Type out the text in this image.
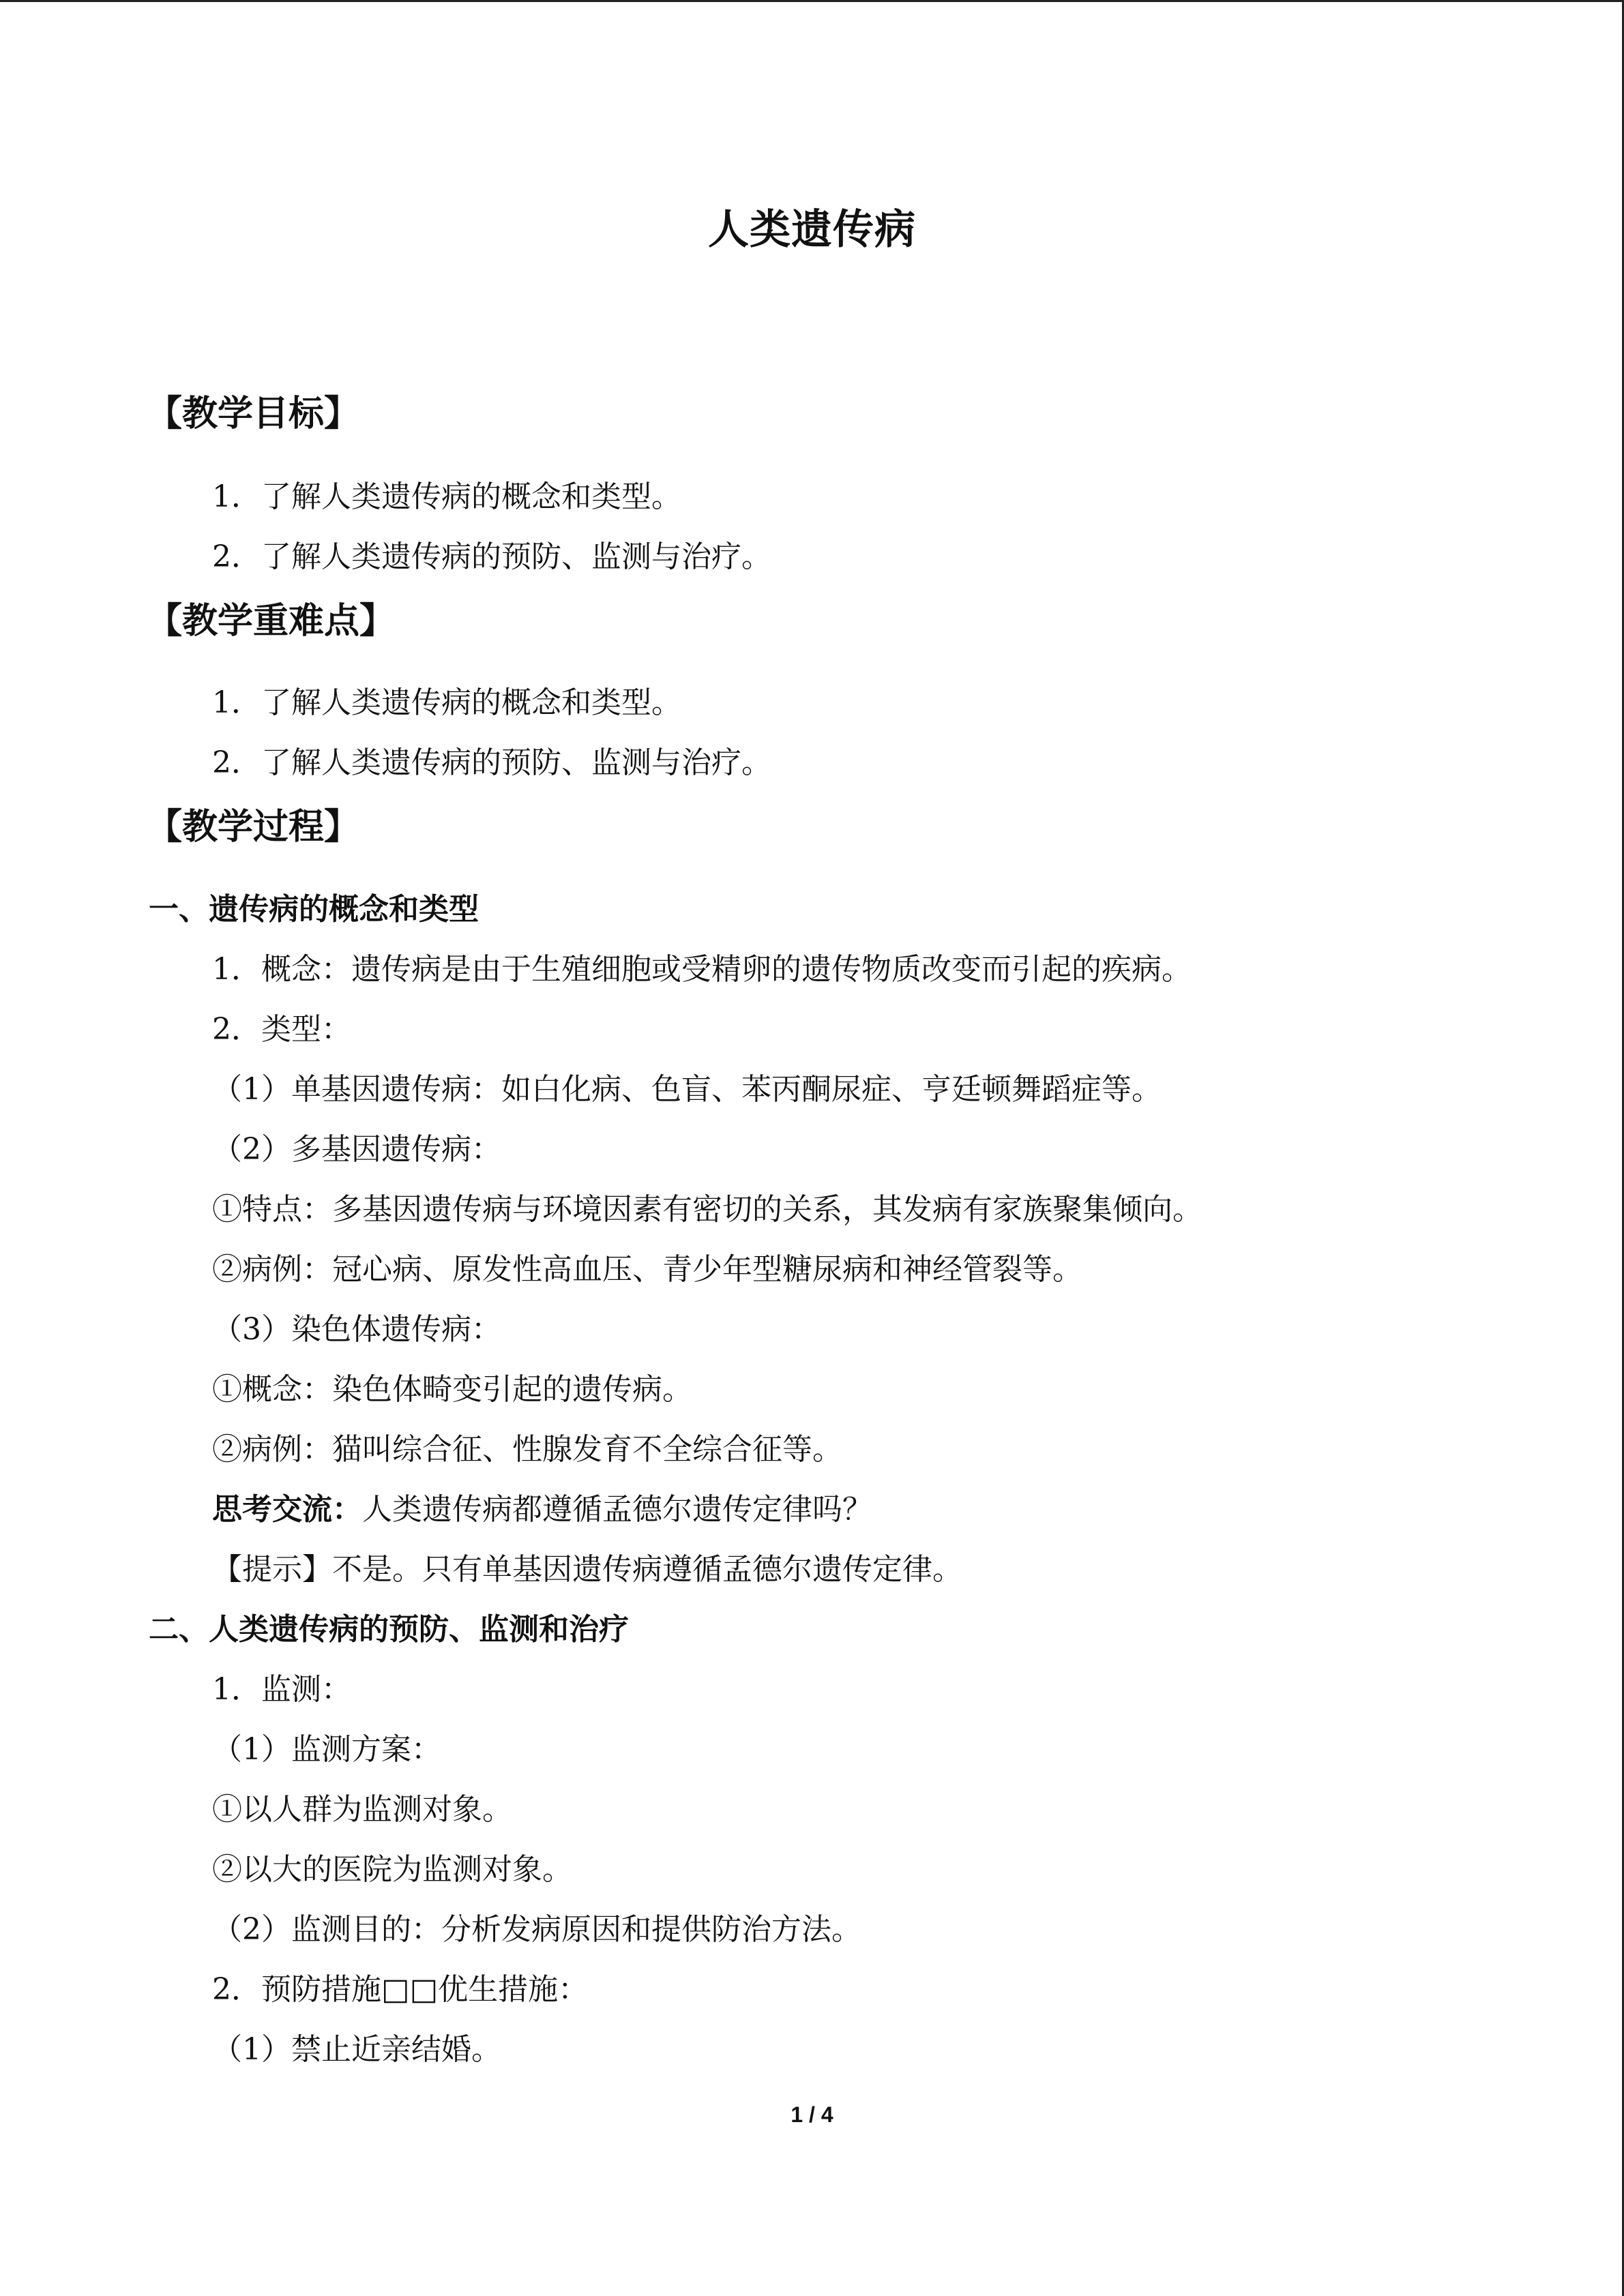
人类遗传病
【教学目标】
1．了解人类遗传病的概念和类型。
2．了解人类遗传病的预防、监测与治疗。
【教学重难点】
1．了解人类遗传病的概念和类型。
2．了解人类遗传病的预防、监测与治疗。
【教学过程】
一、遗传病的概念和类型
1．概念：遗传病是由于生殖细胞或受精卵的遗传物质改变而引起的疾病。
2．类型：
（1）单基因遗传病：如白化病、色盲、苯丙酮尿症、亨廷顿舞蹈症等。
（2）多基因遗传病：
①特点：多基因遗传病与环境因素有密切的关系，其发病有家族聚集倾向。
②病例：冠心病、原发性高血压、青少年型糖尿病和神经管裂等。
（3）染色体遗传病：
①概念：染色体畸变引起的遗传病。
②病例：猫叫综合征、性腺发育不全综合征等。
思考交流：人类遗传病都遵循孟德尔遗传定律吗？
【提示】不是。只有单基因遗传病遵循孟德尔遗传定律。
二、人类遗传病的预防、监测和治疗
1．监测：
（1）监测方案：
①以人群为监测对象。
②以大的医院为监测对象。
（2）监测目的：分析发病原因和提供防治方法。
2．预防措施□□优生措施：
（1）禁止近亲结婚。
1 / 4
